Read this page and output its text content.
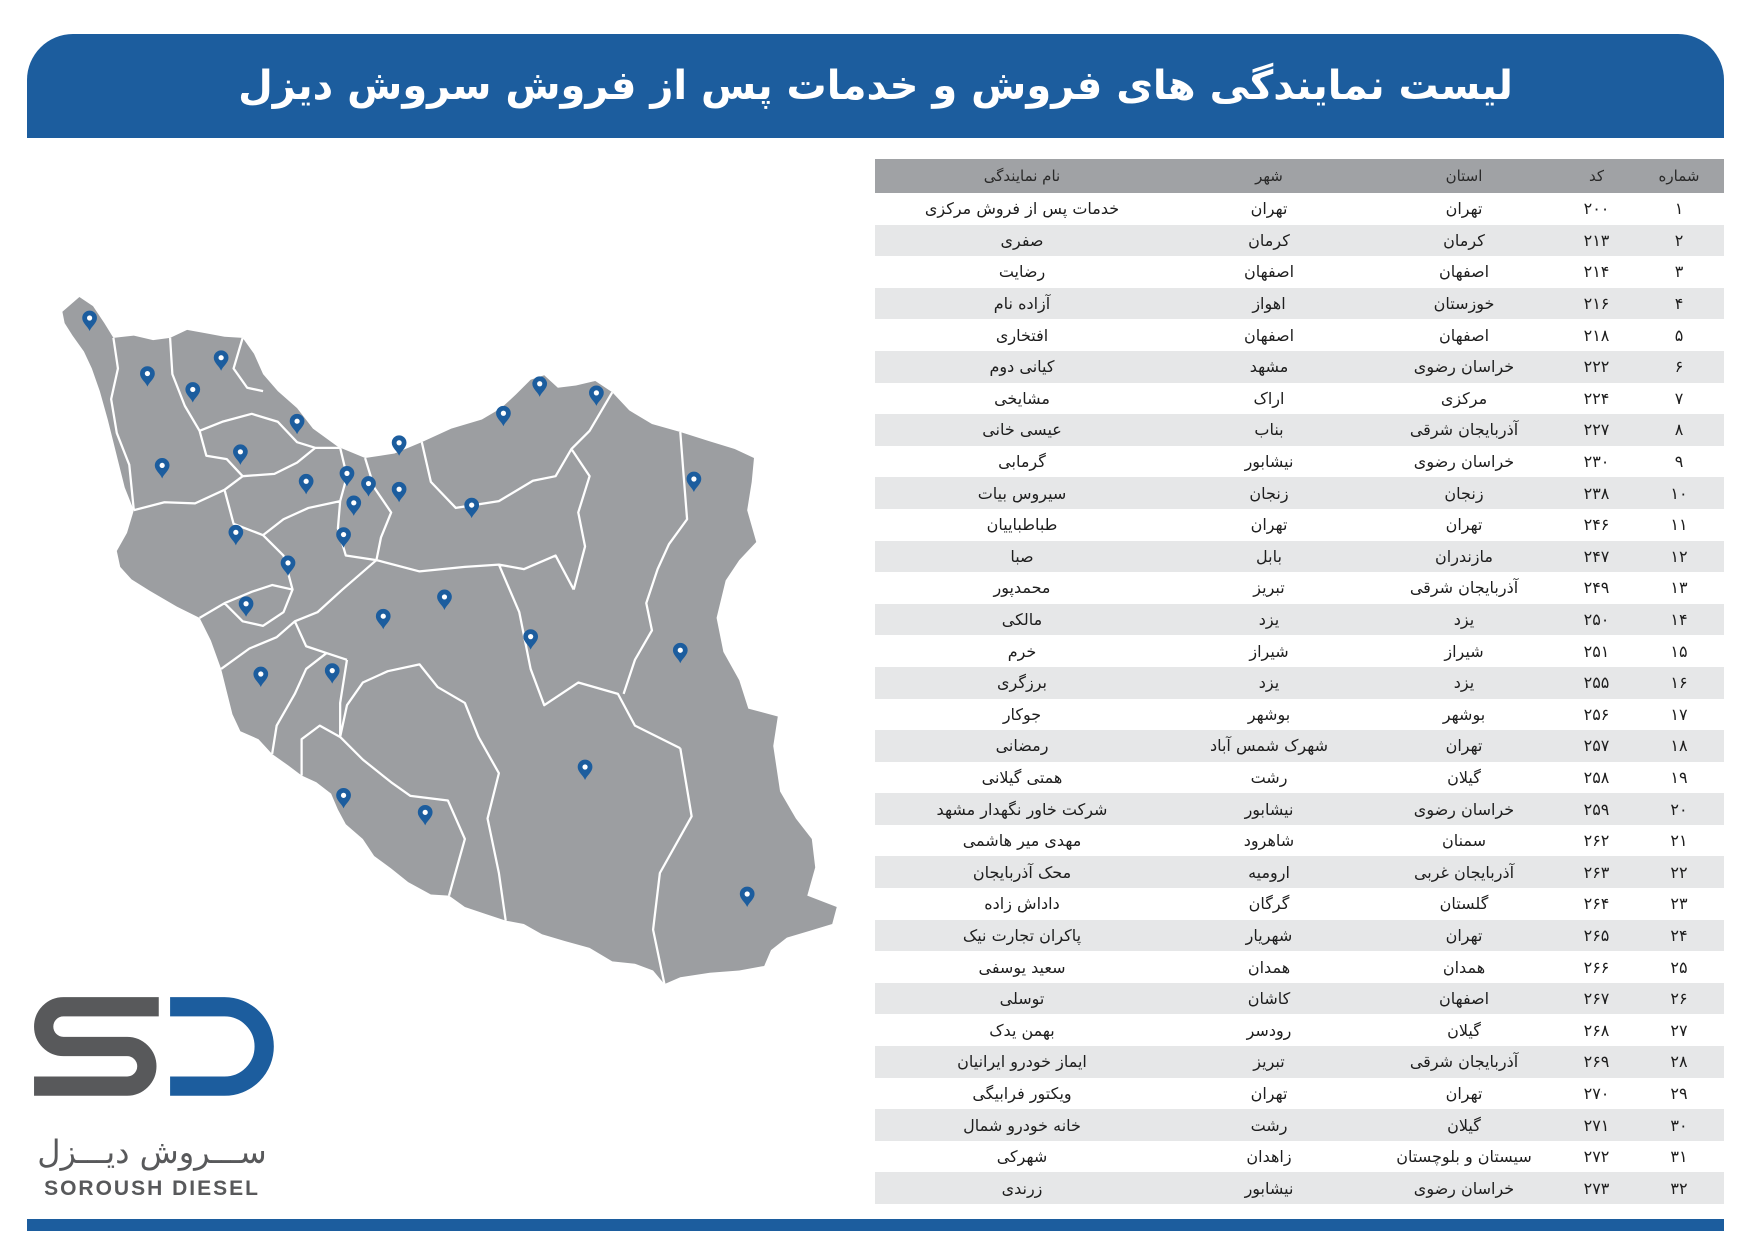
لیست نمایندگی های فروش و خدمات پس از فروش سروش دیزل
ســـروش دیـــزل
SOROUSH DIESEL
شماره
کد
استان
شهر
نام نمایندگی
۱
۲۰۰
تهران
تهران
خدمات پس از فروش مرکزی
۲
۲۱۳
کرمان
کرمان
صفری
۳
۲۱۴
اصفهان
اصفهان
رضایت
۴
۲۱۶
خوزستان
اهواز
آزاده نام
۵
۲۱۸
اصفهان
اصفهان
افتخاری
۶
۲۲۲
خراسان رضوی
مشهد
کیانی دوم
۷
۲۲۴
مرکزی
اراک
مشایخی
۸
۲۲۷
آذربایجان شرقی
بناب
عیسی خانی
۹
۲۳۰
خراسان رضوی
نیشابور
گرمابی
۱۰
۲۳۸
زنجان
زنجان
سیروس بیات
۱۱
۲۴۶
تهران
تهران
طباطباییان
۱۲
۲۴۷
مازندران
بابل
صبا
۱۳
۲۴۹
آذربایجان شرقی
تبریز
محمدپور
۱۴
۲۵۰
یزد
یزد
مالکی
۱۵
۲۵۱
شیراز
شیراز
خرم
۱۶
۲۵۵
یزد
یزد
برزگری
۱۷
۲۵۶
بوشهر
بوشهر
جوکار
۱۸
۲۵۷
تهران
شهرک شمس آباد
رمضانی
۱۹
۲۵۸
گیلان
رشت
همتی گیلانی
۲۰
۲۵۹
خراسان رضوی
نیشابور
شرکت خاور نگهدار مشهد
۲۱
۲۶۲
سمنان
شاهرود
مهدی میر هاشمی
۲۲
۲۶۳
آذربایجان غربی
ارومیه
محک آذربایجان
۲۳
۲۶۴
گلستان
گرگان
داداش زاده
۲۴
۲۶۵
تهران
شهریار
پاکران تجارت نیک
۲۵
۲۶۶
همدان
همدان
سعید یوسفی
۲۶
۲۶۷
اصفهان
کاشان
توسلی
۲۷
۲۶۸
گیلان
رودسر
بهمن یدک
۲۸
۲۶۹
آذربایجان شرقی
تبریز
ایماز خودرو ایرانیان
۲۹
۲۷۰
تهران
تهران
ویکتور فرابیگی
۳۰
۲۷۱
گیلان
رشت
خانه خودرو شمال
۳۱
۲۷۲
سیستان و بلوچستان
زاهدان
شهرکی
۳۲
۲۷۳
خراسان رضوی
نیشابور
زرندی
